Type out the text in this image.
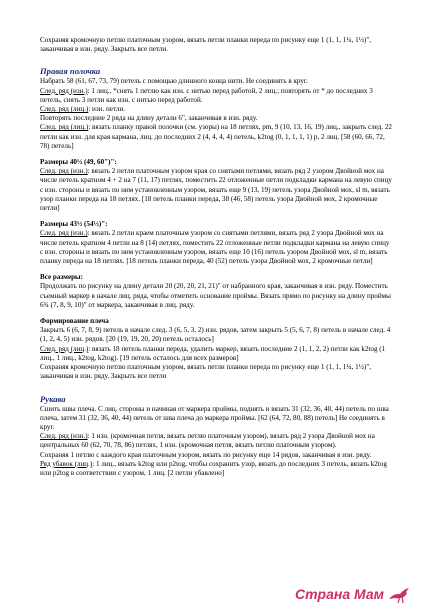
Сохраняя кромочную петлю платочным узором, вязать петли планки переда по рисунку еще 1 (1, 1, 1¼, 1½)", заканчивая в изн. ряду. Закрыть все петли.

Правая полочка

Набрать 58 (61, 67, 73, 79) петель с помощью длинного конца нити. Не соединять в круг.

След. ряд (изн.): 1 лиц., *снять 1 петлю как изн. с нитью перед работой, 2 лиц.; повторять от * до последних 3 петель, снять 3 петли как изн. с нитью перед работой.

След. ряд (лиц.): изн. петли.

Повторять последние 2 ряда на длину детали 6", заканчивая в изн. ряду.

След. ряд (лиц.): вязать планку правой полочки (см. узоры) на 18 петлях, рm, 9 (10, 13, 16, 19) лиц., закрыть след. 22 петли как изн. для края кармана, лиц. до последних 2 (4, 4, 4, 4) петель, k2tog (0, 1, 1, 1, 1) р, 2 лиц. [58 (60, 66, 72, 78) петель]

Размеры 40½ (49, 60")":

След. ряд (изн.): вязать 2 петли платочным узором края со снятыми петлями, вязать ряд 2 узором Двойной мох на числе петель кратном 4 + 2 на 7 (11, 17) петлях, поместить 22 отложенные петли подкладки кармана на левую спицу с изн. стороны и вязать по ним установленным узором, вязать еще 9 (13, 19) петель узора Двойной мох, sl m, вязать узор планки переда на 18 петлях. [18 петель планки переда, 38 (46, 58) петель узора Двойной мох, 2 кромочные петли]

Размеры 43½ (54½)":

След. ряд (изн.): вязать 2 петли краем платочным узором со снятыми петлями, вязать ряд 2 узора Двойной мох на числе петель кратном 4 петли на 8 (14) петлях, поместить 22 отложенные петли подкладки кармана на левую спицу с изн. стороны и вязать по ним установленным узором, вязать еще 10 (16) петель узором Двойной мох, sl m, вязать планку переда на 18 петлях. [18 петель планки переда, 40 (52) петель узора Двойной мох, 2 кромочные петли]

Все размеры:

Продолжать по рисунку на длину детали 20 (20, 20, 21, 21)" от набранного края, заканчивая в изн. ряду. Поместить съемный маркер в начале лиц. ряда, чтобы отметить основание проймы. Вязать прямо по рисунку на длину проймы 6¾ (7, 8, 9, 10)" от маркера, заканчивая в лиц. ряду.

Формирование плеча

Закрыть 6 (6, 7, 8, 9) петель в начале след. 3 (6, 5, 3, 2) изн. рядов, затем закрыть 5 (5, 6, 7, 8) петель в начале след. 4 (1, 2, 4, 5) изн. рядов. [20 (19, 19, 20, 20) петель осталось]

След. ряд (лиц.): вязать 18 петель планки переда, удалить маркер, вязать последние 2 (1, 1, 2, 2) петли как k2tog (1 лиц., 1 лиц., k2tog, k2tog). [19 петель осталось для всех размеров]

Сохраняя кромочную петлю платочным узором, вязать петли планки переда по рисунку еще 1 (1, 1, 1¼, 1½)", заканчивая в изн. ряду. Закрыть все петли

Рукава

Сшить швы плеча. С лиц. стороны и начиная от маркера проймы, поднять и вязать 31 (32, 36, 40, 44) петель по шва плеча, затем 31 (32, 36, 40, 44) петель от шва плеча до маркера проймы. [62 (64, 72, 80, 88) петель] Не соединять в круг.

След. ряд (изн.): 1 изн. (кромочная петля, вязать петлю платочным узором), вязать ряд 2 узора Двойной мох на центральных 60 (62, 70, 78, 86) петлях, 1 изн. (кромочная петля, вязать петлю платочным узором).

Сохраняя 1 петлю с каждого края платочным узором, вязать по рисунку еще 14 рядов, заканчивая в изн. ряду.

Ряд убавок (лиц.): 1 лиц., вязать k2tog или p2tog, чтобы сохранить узор, вязать до последних 3 петель, вязать k2tog или p2tog в соответствии с узором, 1 лиц. [2 петли убавлено]

Страна Мам
